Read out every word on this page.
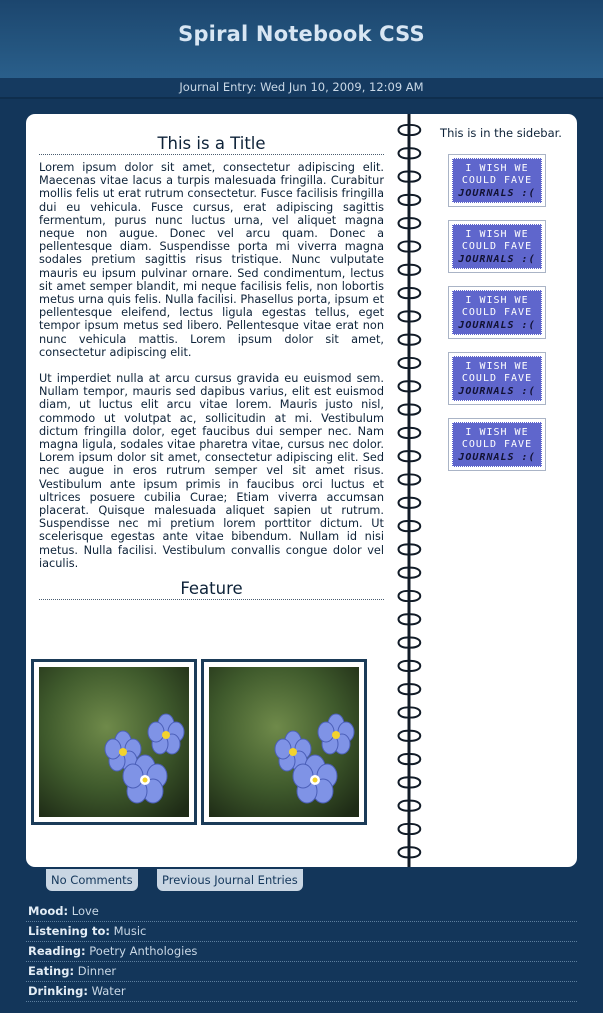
Spiral Notebook CSS
Journal Entry: Wed Jun 10, 2009, 12:09 AM
This is a Title

Lorem ipsum dolor sit amet, consectetur adipiscing elit. Maecenas vitae lacus a turpis malesuada fringilla. Curabitur mollis felis ut erat rutrum consectetur. Fusce facilisis fringilla dui eu vehicula. Fusce cursus, erat adipiscing sagittis fermentum, purus nunc luctus urna, vel aliquet magna neque non augue. Donec vel arcu quam. Donec a pellentesque diam. Suspendisse porta mi viverra magna sodales pretium sagittis risus tristique. Nunc vulputate mauris eu ipsum pulvinar ornare. Sed condimentum, lectus sit amet semper blandit, mi neque facilisis felis, non lobortis metus urna quis felis. Nulla facilisi. Phasellus porta, ipsum et pellentesque eleifend, lectus ligula egestas tellus, eget tempor ipsum metus sed libero. Pellentesque vitae erat non nunc vehicula mattis. Lorem ipsum dolor sit amet, consectetur adipiscing elit.

Ut imperdiet nulla at arcu cursus gravida eu euismod sem. Nullam tempor, mauris sed dapibus varius, elit est euismod diam, ut luctus elit arcu vitae lorem. Mauris justo nisl, commodo ut volutpat ac, sollicitudin at mi. Vestibulum dictum fringilla dolor, eget faucibus dui semper nec. Nam magna ligula, sodales vitae pharetra vitae, cursus nec dolor. Lorem ipsum dolor sit amet, consectetur adipiscing elit. Sed nec augue in eros rutrum semper vel sit amet risus. Vestibulum ante ipsum primis in faucibus orci luctus et ultrices posuere cubilia Curae; Etiam viverra accumsan placerat. Quisque malesuada aliquet sapien ut rutrum. Suspendisse nec mi pretium lorem porttitor dictum. Ut scelerisque egestas ante vitae bibendum. Nullam id nisi metus. Nulla facilisi. Vestibulum convallis congue dolor vel iaculis.

Feature

This is in the sidebar.

I WISH WE
COULD FAVE
JOURNALS :(
I WISH WE
COULD FAVE
JOURNALS :(
I WISH WE
COULD FAVE
JOURNALS :(
I WISH WE
COULD FAVE
JOURNALS :(
I WISH WE
COULD FAVE
JOURNALS :(
No Comments	Previous Journal Entries
Mood: Love
Listening to: Music
Reading: Poetry Anthologies
Eating: Dinner
Drinking: Water
